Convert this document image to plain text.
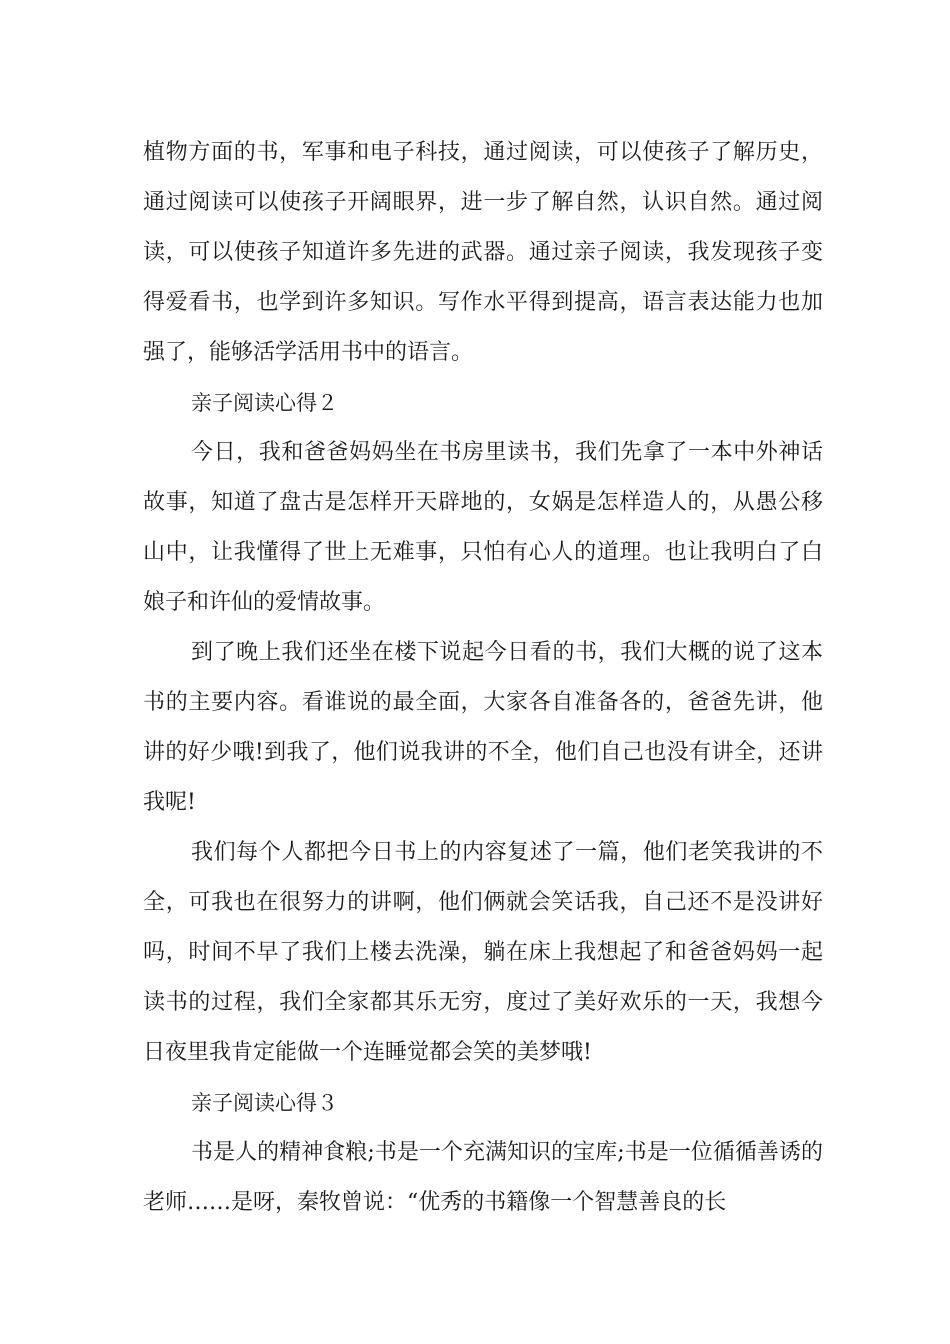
植物方面的书，军事和电子科技，通过阅读，可以使孩子了解历史，通过阅读可以使孩子开阔眼界，进一步了解自然，认识自然。通过阅读，可以使孩子知道许多先进的武器。通过亲子阅读，我发现孩子变得爱看书，也学到许多知识。写作水平得到提高，语言表达能力也加强了，能够活学活用书中的语言。

亲子阅读心得２

今日，我和爸爸妈妈坐在书房里读书，我们先拿了一本中外神话故事，知道了盘古是怎样开天辟地的，女娲是怎样造人的，从愚公移山中，让我懂得了世上无难事，只怕有心人的道理。也让我明白了白娘子和许仙的爱情故事。

到了晚上我们还坐在楼下说起今日看的书，我们大概的说了这本书的主要内容。看谁说的最全面，大家各自准备各的，爸爸先讲，他讲的好少哦!到我了，他们说我讲的不全，他们自己也没有讲全，还讲我呢!

我们每个人都把今日书上的内容复述了一篇，他们老笑我讲的不全，可我也在很努力的讲啊，他们俩就会笑话我，自己还不是没讲好吗，时间不早了我们上楼去洗澡，躺在床上我想起了和爸爸妈妈一起读书的过程，我们全家都其乐无穷，度过了美好欢乐的一天，我想今日夜里我肯定能做一个连睡觉都会笑的美梦哦!

亲子阅读心得３

书是人的精神食粮;书是一个充满知识的宝库;书是一位循循善诱的老师……是呀，秦牧曾说：“优秀的书籍像一个智慧善良的长
